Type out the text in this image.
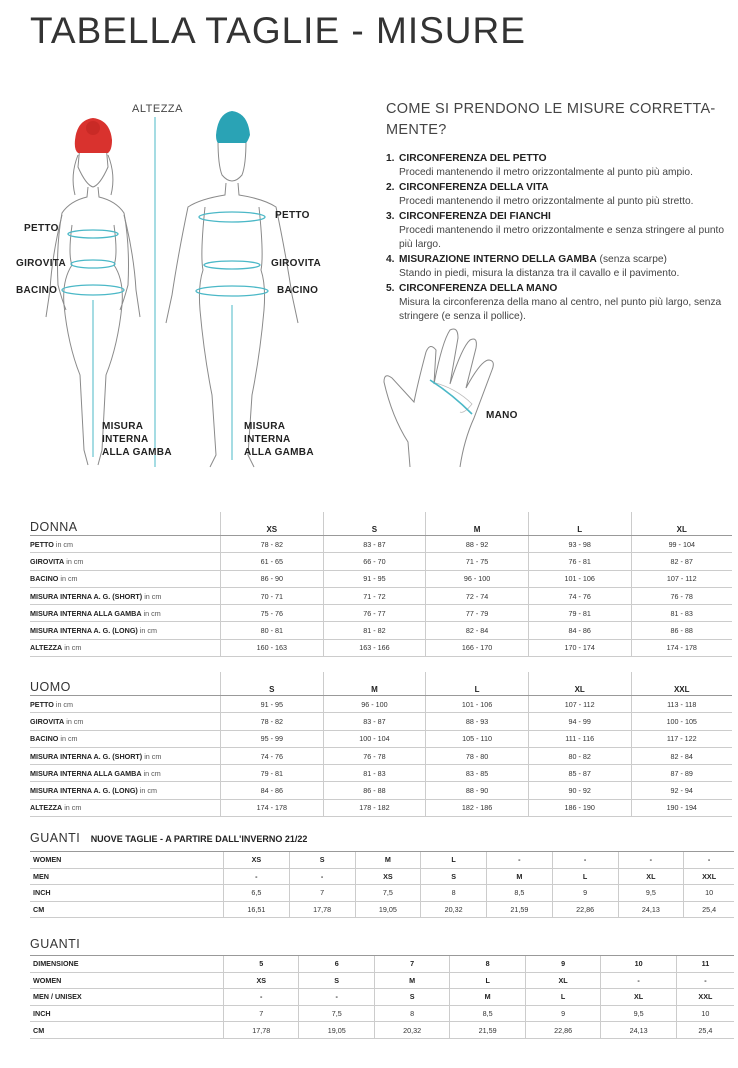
TABELLA TAGLIE - MISURE
ALTEZZA
PETTO
GIROVITA
BACINO
MISURA
INTERNA
ALLA GAMBA
PETTO
GIROVITA
BACINO
MISURA
INTERNA
ALLA GAMBA
COME SI PRENDONO LE MISURE CORRETTA-MENTE?
1. CIRCONFERENZA DEL PETTO
Procedi mantenendo il metro orizzontalmente al punto più ampio.
2. CIRCONFERENZA DELLA VITA
Procedi mantenendo il metro orizzontalmente al punto più stretto.
3. CIRCONFERENZA DEI FIANCHI
Procedi mantenendo il metro orizzontalmente e senza stringere al punto più largo.
4. MISURAZIONE INTERNO DELLA GAMBA (senza scarpe)
Stando in piedi, misura la distanza tra il cavallo e il pavimento.
5. CIRCONFERENZA DELLA MANO
Misura la circonferenza della mano al centro, nel punto più largo, senza stringere (e senza il pollice).
MANO
DONNA	XS	S	M	L	XL
PETTO in cm	78 - 82	83 - 87	88 - 92	93 - 98	99 - 104
GIROVITA in cm	61 - 65	66 - 70	71 - 75	76 - 81	82 - 87
BACINO in cm	86 - 90	91 - 95	96 - 100	101 - 106	107 - 112
MISURA INTERNA A. G. (SHORT) in cm	70 - 71	71 - 72	72 - 74	74 - 76	76 - 78
MISURA INTERNA ALLA GAMBA in cm	75 - 76	76 - 77	77 - 79	79 - 81	81 - 83
MISURA INTERNA A. G. (LONG) in cm	80 - 81	81 - 82	82 - 84	84 - 86	86 - 88
ALTEZZA in cm	160 - 163	163 - 166	166 - 170	170 - 174	174 - 178
UOMO	S	M	L	XL	XXL
PETTO in cm	91 - 95	96 - 100	101 - 106	107 - 112	113 - 118
GIROVITA in cm	78 - 82	83 - 87	88 - 93	94 - 99	100 - 105
BACINO in cm	95 - 99	100 - 104	105 - 110	111 - 116	117 - 122
MISURA INTERNA A. G. (SHORT) in cm	74 - 76	76 - 78	78 - 80	80 - 82	82 - 84
MISURA INTERNA ALLA GAMBA in cm	79 - 81	81 - 83	83 - 85	85 - 87	87 - 89
MISURA INTERNA A. G. (LONG) in cm	84 - 86	86 - 88	88 - 90	90 - 92	92 - 94
ALTEZZA in cm	174 - 178	178 - 182	182 - 186	186 - 190	190 - 194
GUANTI NUOVE TAGLIE - A PARTIRE DALL'INVERNO 21/22
WOMEN	XS	S	M	L	-	-	-	-
MEN	-	-	XS	S	M	L	XL	XXL
INCH	6,5	7	7,5	8	8,5	9	9,5	10
CM	16,51	17,78	19,05	20,32	21,59	22,86	24,13	25,4
GUANTI
DIMENSIONE	5	6	7	8	9	10	11
WOMEN	XS	S	M	L	XL	-	-
MEN / UNISEX	-	-	S	M	L	XL	XXL
INCH	7	7,5	8	8,5	9	9,5	10
CM	17,78	19,05	20,32	21,59	22,86	24,13	25,4
